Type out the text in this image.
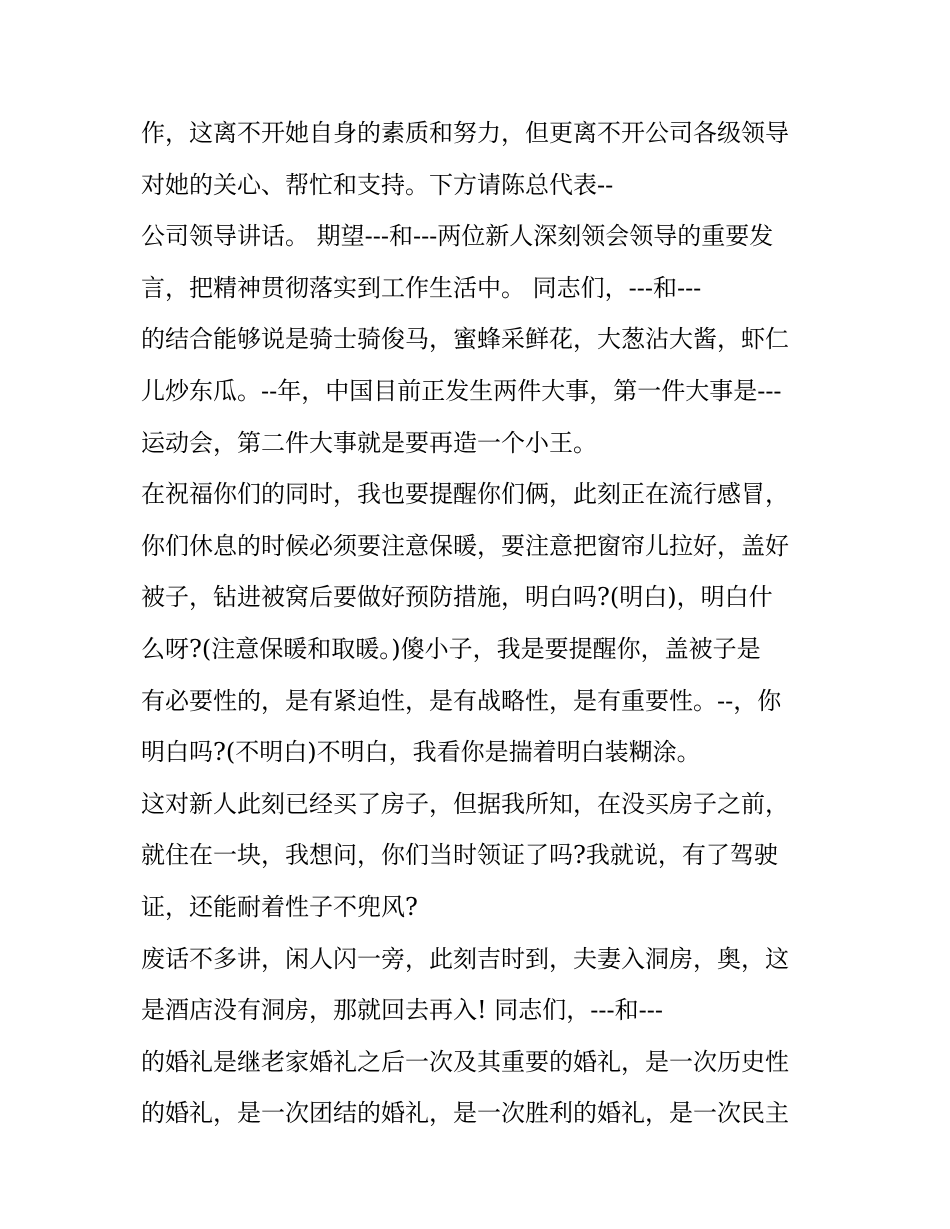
作，这离不开她自身的素质和努力，但更离不开公司各级领导

对她的关心、帮忙和支持。下方请陈总代表--

公司领导讲话。 期望---和---两位新人深刻领会领导的重要发

言，把精神贯彻落实到工作生活中。 同志们，---和---

的结合能够说是骑士骑俊马，蜜蜂采鲜花，大葱沾大酱，虾仁

儿炒东瓜。--年，中国目前正发生两件大事，第一件大事是---

运动会，第二件大事就是要再造一个小王。

在祝福你们的同时，我也要提醒你们俩，此刻正在流行感冒，

你们休息的时候必须要注意保暖，要注意把窗帘儿拉好，盖好

被子，钻进被窝后要做好预防措施，明白吗?(明白)，明白什

么呀?(注意保暖和取暖。)傻小子，我是要提醒你，盖被子是

有必要性的，是有紧迫性，是有战略性，是有重要性。--，你

明白吗?(不明白)不明白，我看你是揣着明白装糊涂。

这对新人此刻已经买了房子，但据我所知，在没买房子之前，

就住在一块，我想问，你们当时领证了吗?我就说，有了驾驶

证，还能耐着性子不兜风?

废话不多讲，闲人闪一旁，此刻吉时到，夫妻入洞房，奥，这

是酒店没有洞房，那就回去再入! 同志们，---和---

的婚礼是继老家婚礼之后一次及其重要的婚礼，是一次历史性

的婚礼，是一次团结的婚礼，是一次胜利的婚礼，是一次民主
